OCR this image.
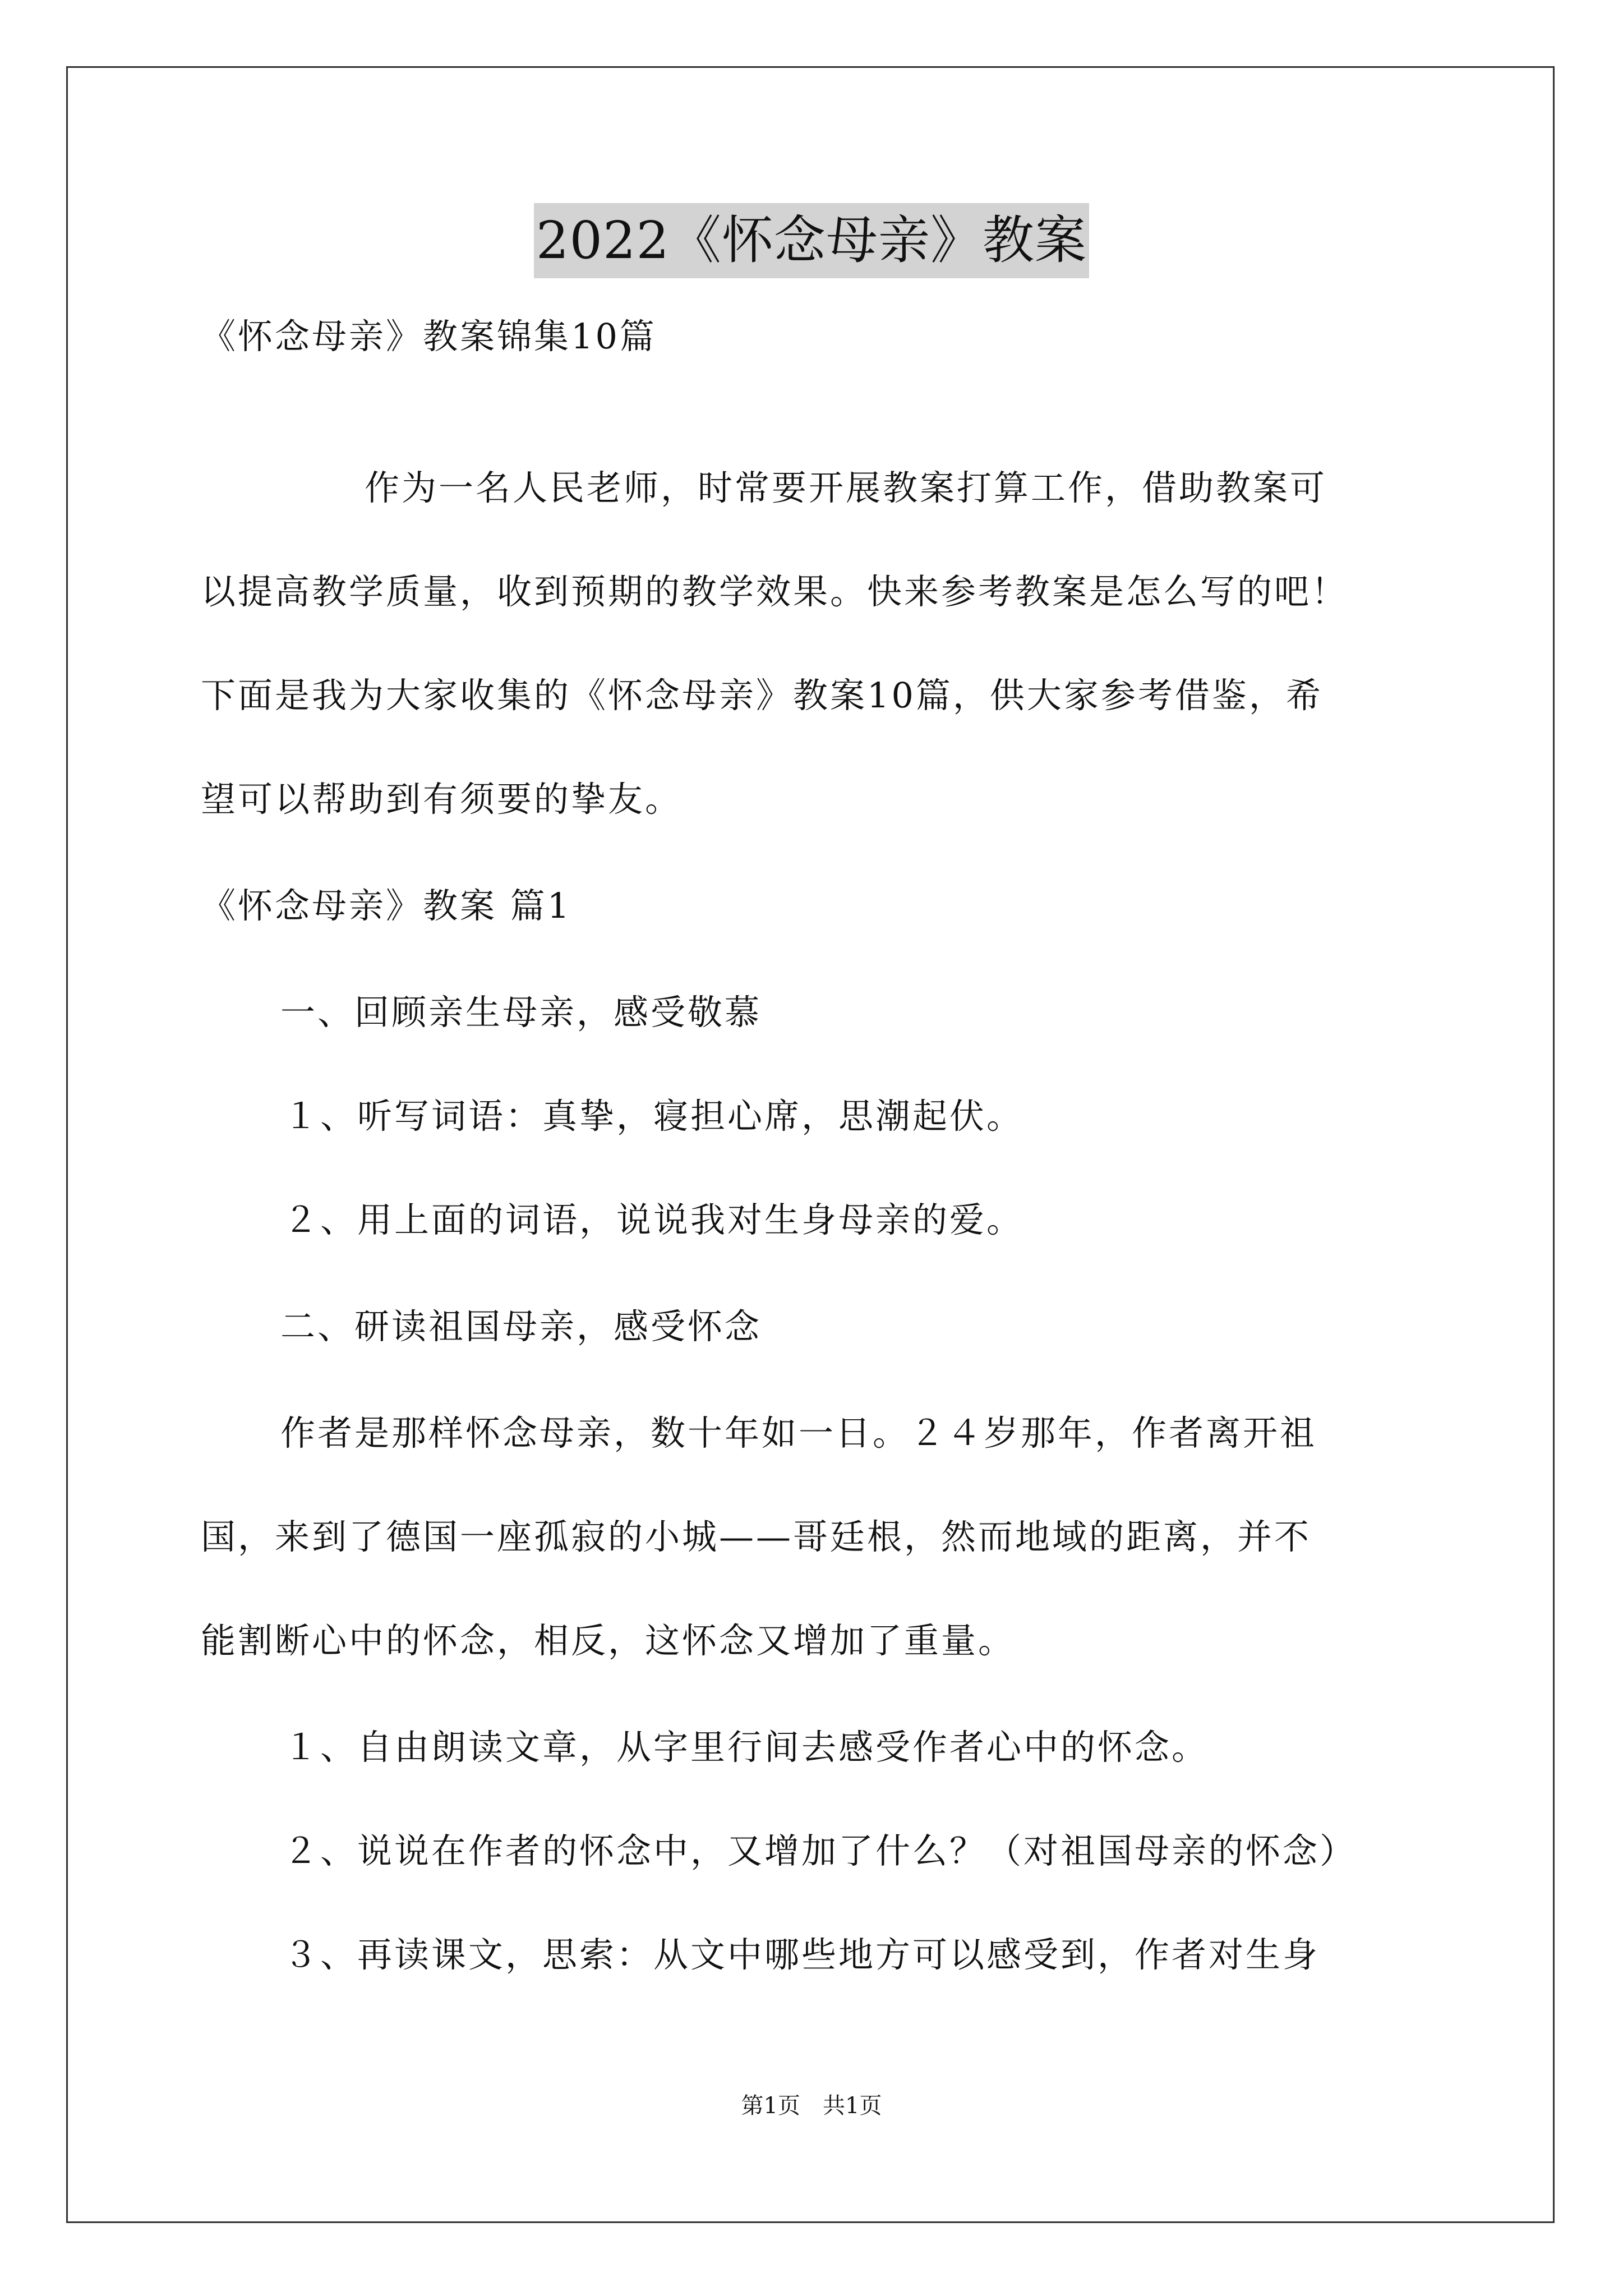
2022《怀念母亲》教案
《怀念母亲》教案锦集10篇
作为一名人民老师，时常要开展教案打算工作，借助教案可
以提高教学质量，收到预期的教学效果。快来参考教案是怎么写的吧！
下面是我为大家收集的《怀念母亲》教案10篇，供大家参考借鉴，希
望可以帮助到有须要的挚友。
《怀念母亲》教案 篇1
一、回顾亲生母亲，感受敬慕
１、听写词语：真挚，寝担心席，思潮起伏。
２、用上面的词语，说说我对生身母亲的爱。
二、研读祖国母亲，感受怀念
作者是那样怀念母亲，数十年如一日。２４岁那年，作者离开祖
国，来到了德国一座孤寂的小城——哥廷根，然而地域的距离，并不
能割断心中的怀念，相反，这怀念又增加了重量。
１、自由朗读文章，从字里行间去感受作者心中的怀念。
２、说说在作者的怀念中，又增加了什么？（对祖国母亲的怀念）
３、再读课文，思索：从文中哪些地方可以感受到，作者对生身
第1页　共1页
